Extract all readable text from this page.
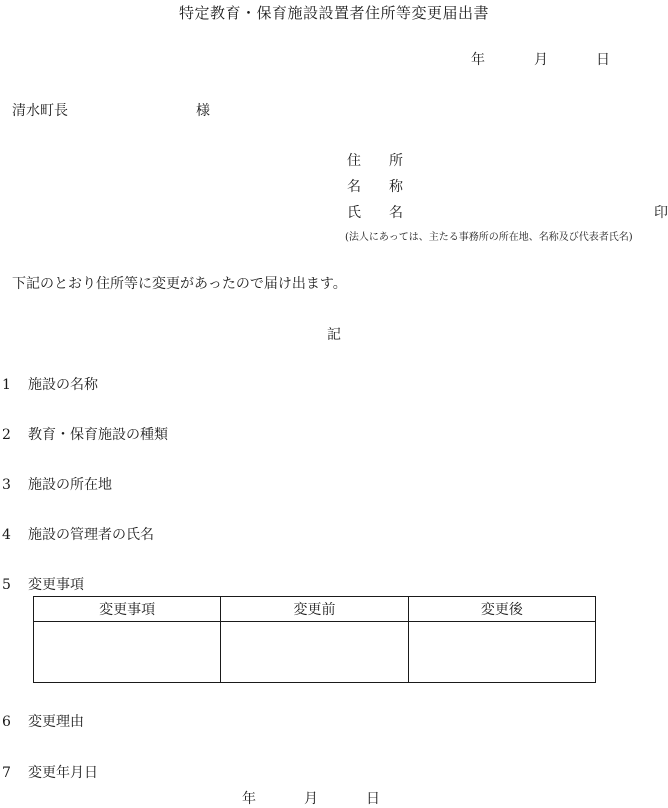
特定教育・保育施設設置者住所等変更届出書
年	月	日
清水町長	様
住　　所
名　　称
氏　　名	印
(法人にあっては、主たる事務所の所在地、名称及び代表者氏名)
下記のとおり住所等に変更があったので届け出ます。
記
1 施設の名称
2 教育・保育施設の種類
3 施設の所在地
4 施設の管理者の氏名
5 変更事項
変更事項	変更前	変更後

6 変更理由
7 変更年月日
年	月	日
